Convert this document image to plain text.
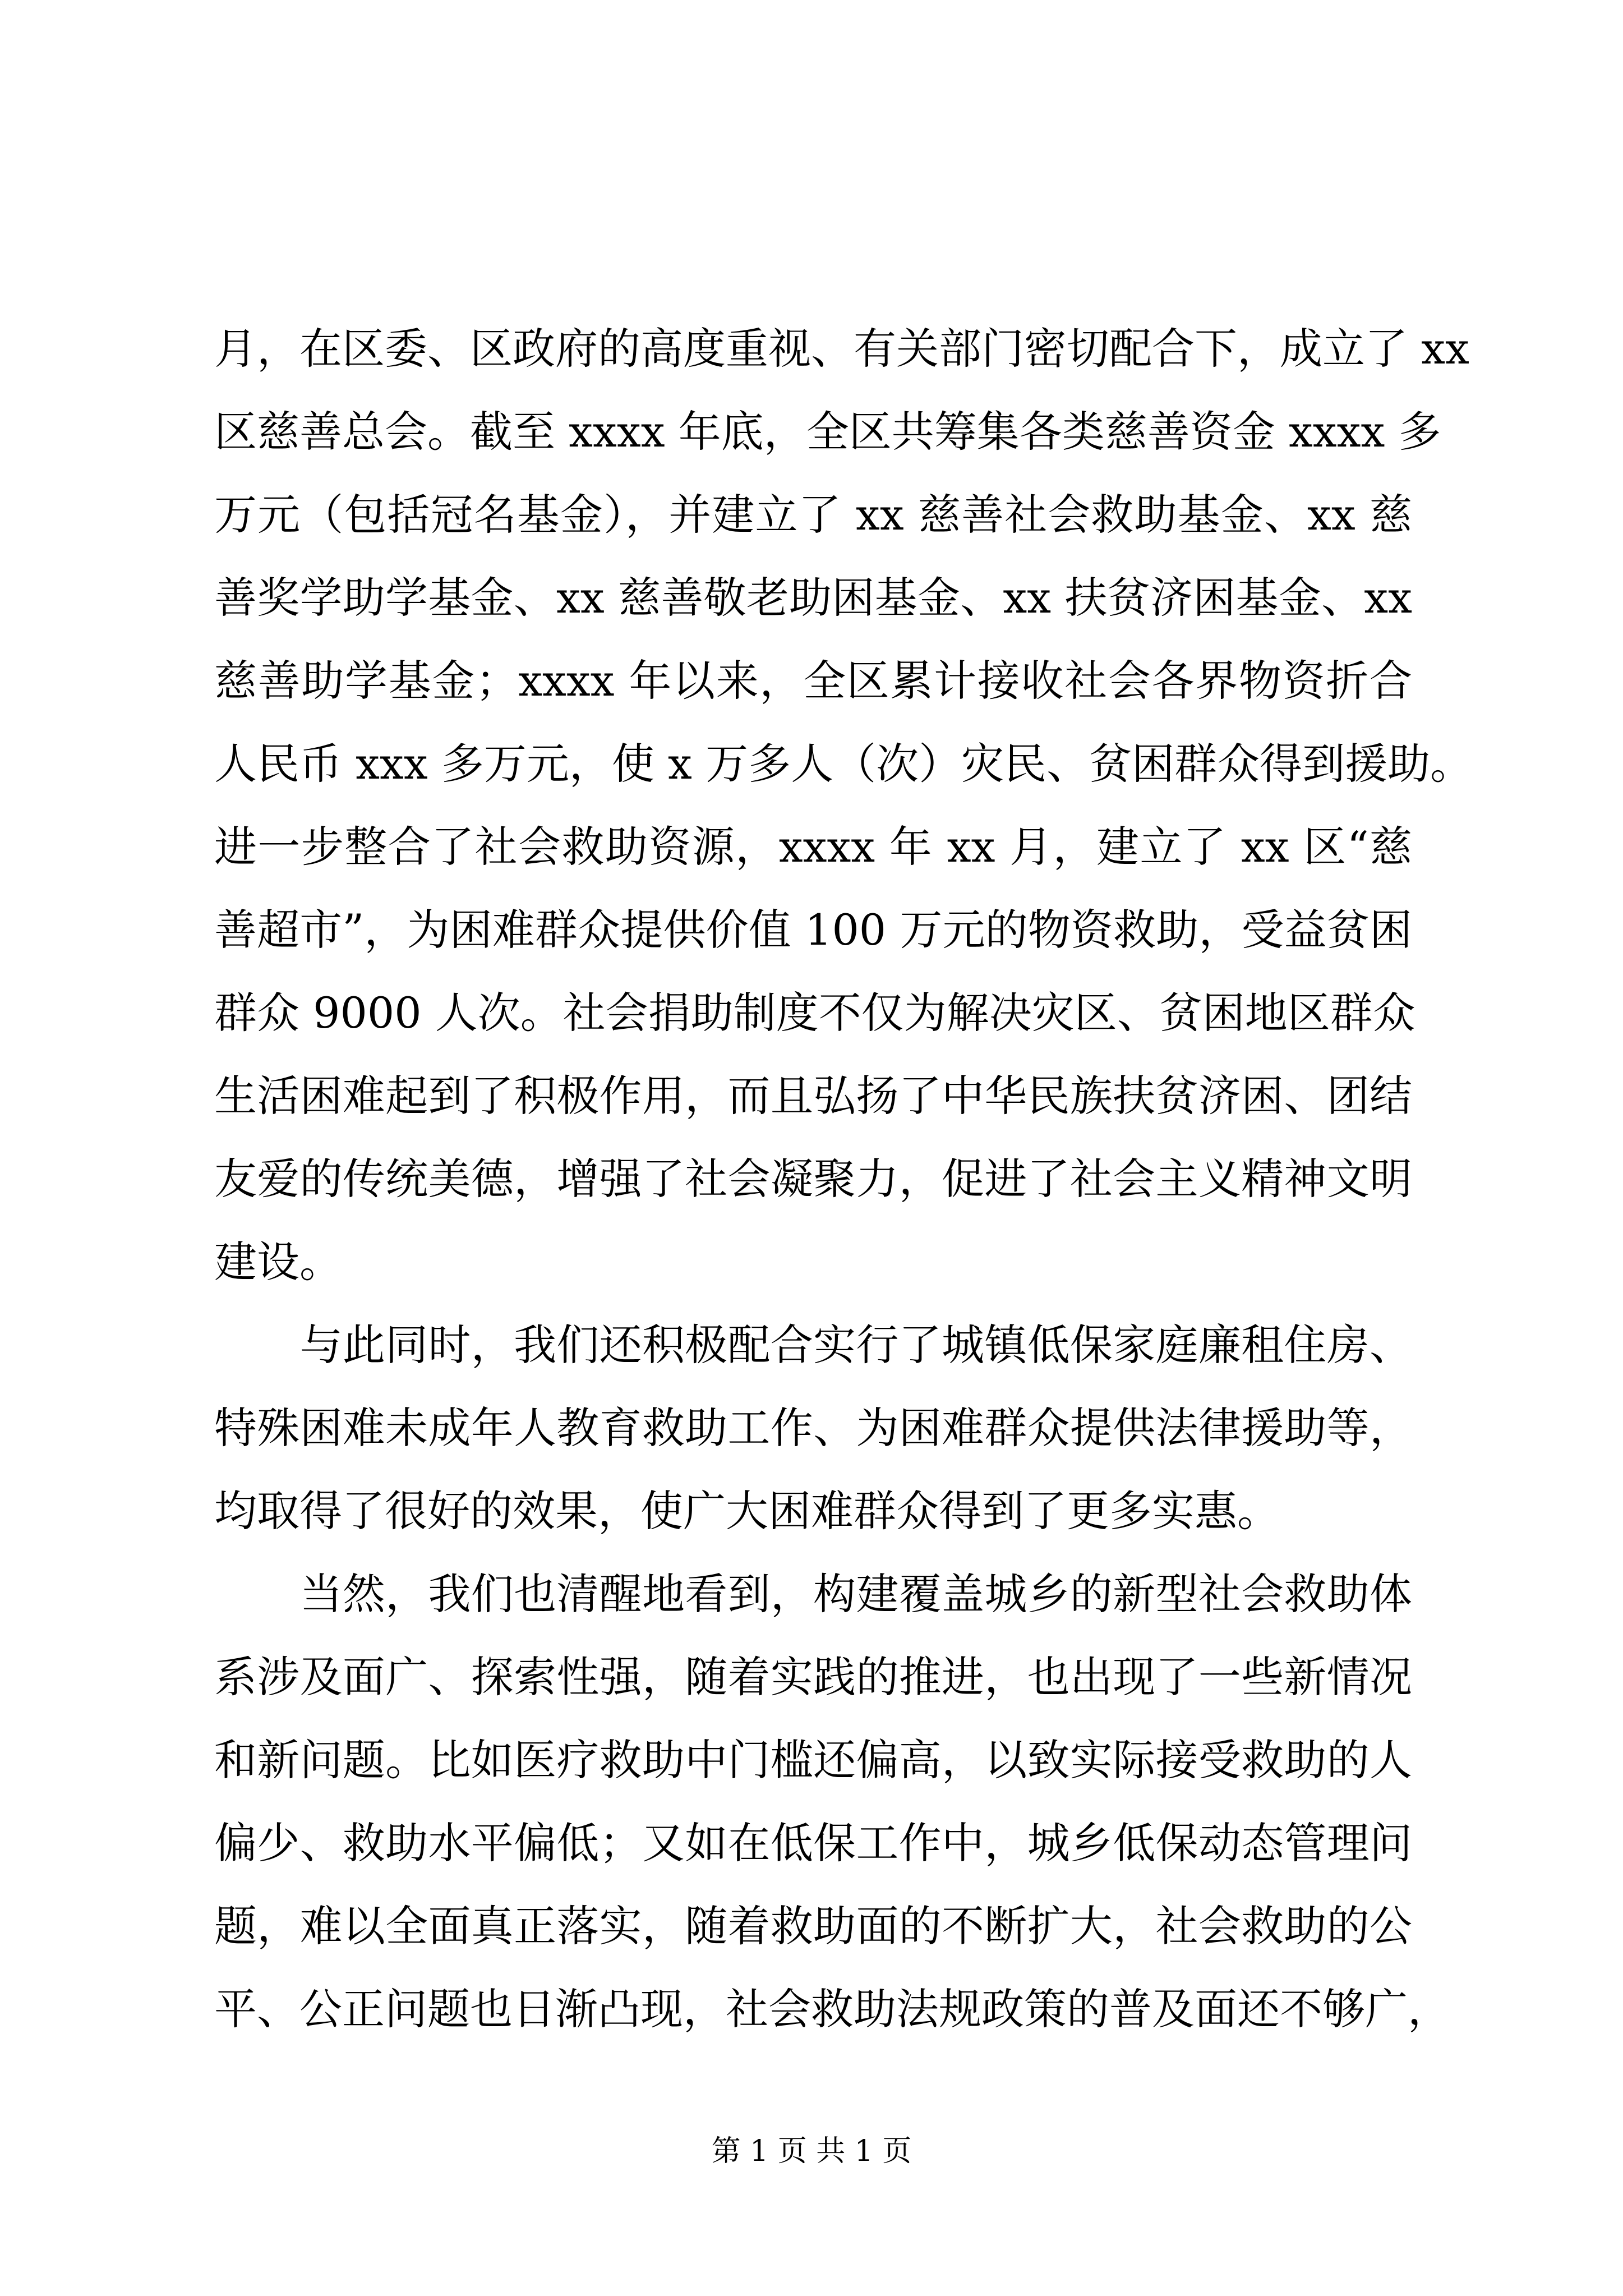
月，在区委、区政府的高度重视、有关部门密切配合下，成立了 xx
区慈善总会。截至 xxxx 年底，全区共筹集各类慈善资金 xxxx 多
万元（包括冠名基金），并建立了 xx 慈善社会救助基金、xx 慈
善奖学助学基金、xx 慈善敬老助困基金、xx 扶贫济困基金、xx
慈善助学基金；xxxx 年以来，全区累计接收社会各界物资折合
人民币 xxx 多万元，使 x 万多人（次）灾民、贫困群众得到援助。
进一步整合了社会救助资源，xxxx 年 xx 月，建立了 xx 区“慈
善超市”，为困难群众提供价值 100 万元的物资救助，受益贫困
群众 9000 人次。社会捐助制度不仅为解决灾区、贫困地区群众
生活困难起到了积极作用，而且弘扬了中华民族扶贫济困、团结
友爱的传统美德，增强了社会凝聚力，促进了社会主义精神文明
建设。
　　与此同时，我们还积极配合实行了城镇低保家庭廉租住房、
特殊困难未成年人教育救助工作、为困难群众提供法律援助等，
均取得了很好的效果，使广大困难群众得到了更多实惠。
　　当然，我们也清醒地看到，构建覆盖城乡的新型社会救助体
系涉及面广、探索性强，随着实践的推进，也出现了一些新情况
和新问题。比如医疗救助中门槛还偏高，以致实际接受救助的人
偏少、救助水平偏低；又如在低保工作中，城乡低保动态管理问
题，难以全面真正落实，随着救助面的不断扩大，社会救助的公
平、公正问题也日渐凸现，社会救助法规政策的普及面还不够广，
第 1 页 共 1 页
